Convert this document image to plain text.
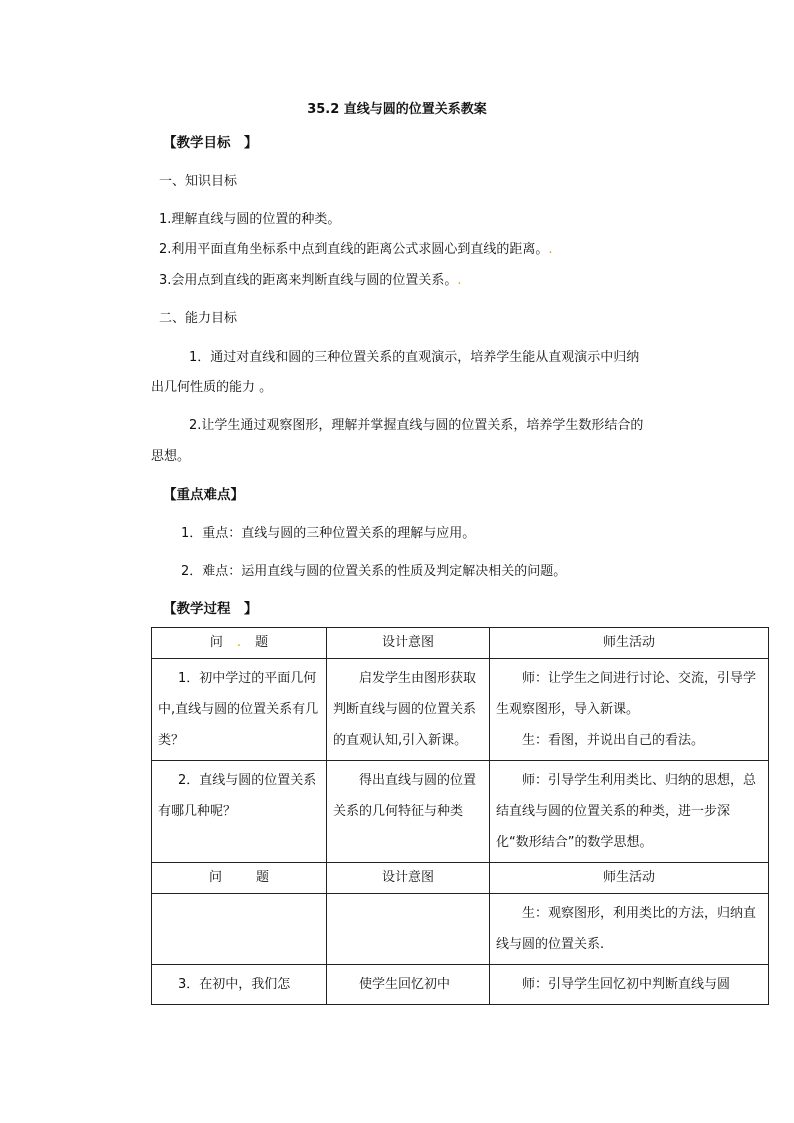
35.2 直线与圆的位置关系教案
【教学目标　】
一、知识目标
1.理解直线与圆的位置的种类。
2.利用平面直角坐标系中点到直线的距离公式求圆心到直线的距离。.
3.会用点到直线的距离来判断直线与圆的位置关系。.
二、能力目标
1．通过对直线和圆的三种位置关系的直观演示，培养学生能从直观演示中归纳
出几何性质的能力 。
2.让学生通过观察图形，理解并掌握直线与圆的位置关系，培养学生数形结合的
思想。
【重点难点】
1．重点：直线与圆的三种位置关系的理解与应用。
2．难点：运用直线与圆的位置关系的性质及判定解决相关的问题。
【教学过程　】
问 . 题	设计意图	师生活动
1．初中学过的平面几何中,直线与圆的位置关系有几类？	启发学生由图形获取判断直线与圆的位置关系的直观认知,引入新课。	师：让学生之间进行讨论、交流，引导学生观察图形，导入新课。
生：看图，并说出自己的看法。

2．直线与圆的位置关系有哪几种呢？	得出直线与圆的位置关系的几何特征与种类	师：引导学生利用类比、归纳的思想，总结直线与圆的位置关系的种类，进一步深化“数形结合”的数学思想。
问 题	设计意图	师生活动
		生：观察图形，利用类比的方法，归纳直线与圆的位置关系.
3．在初中，我们怎	使学生回忆初中	师：引导学生回忆初中判断直线与圆
